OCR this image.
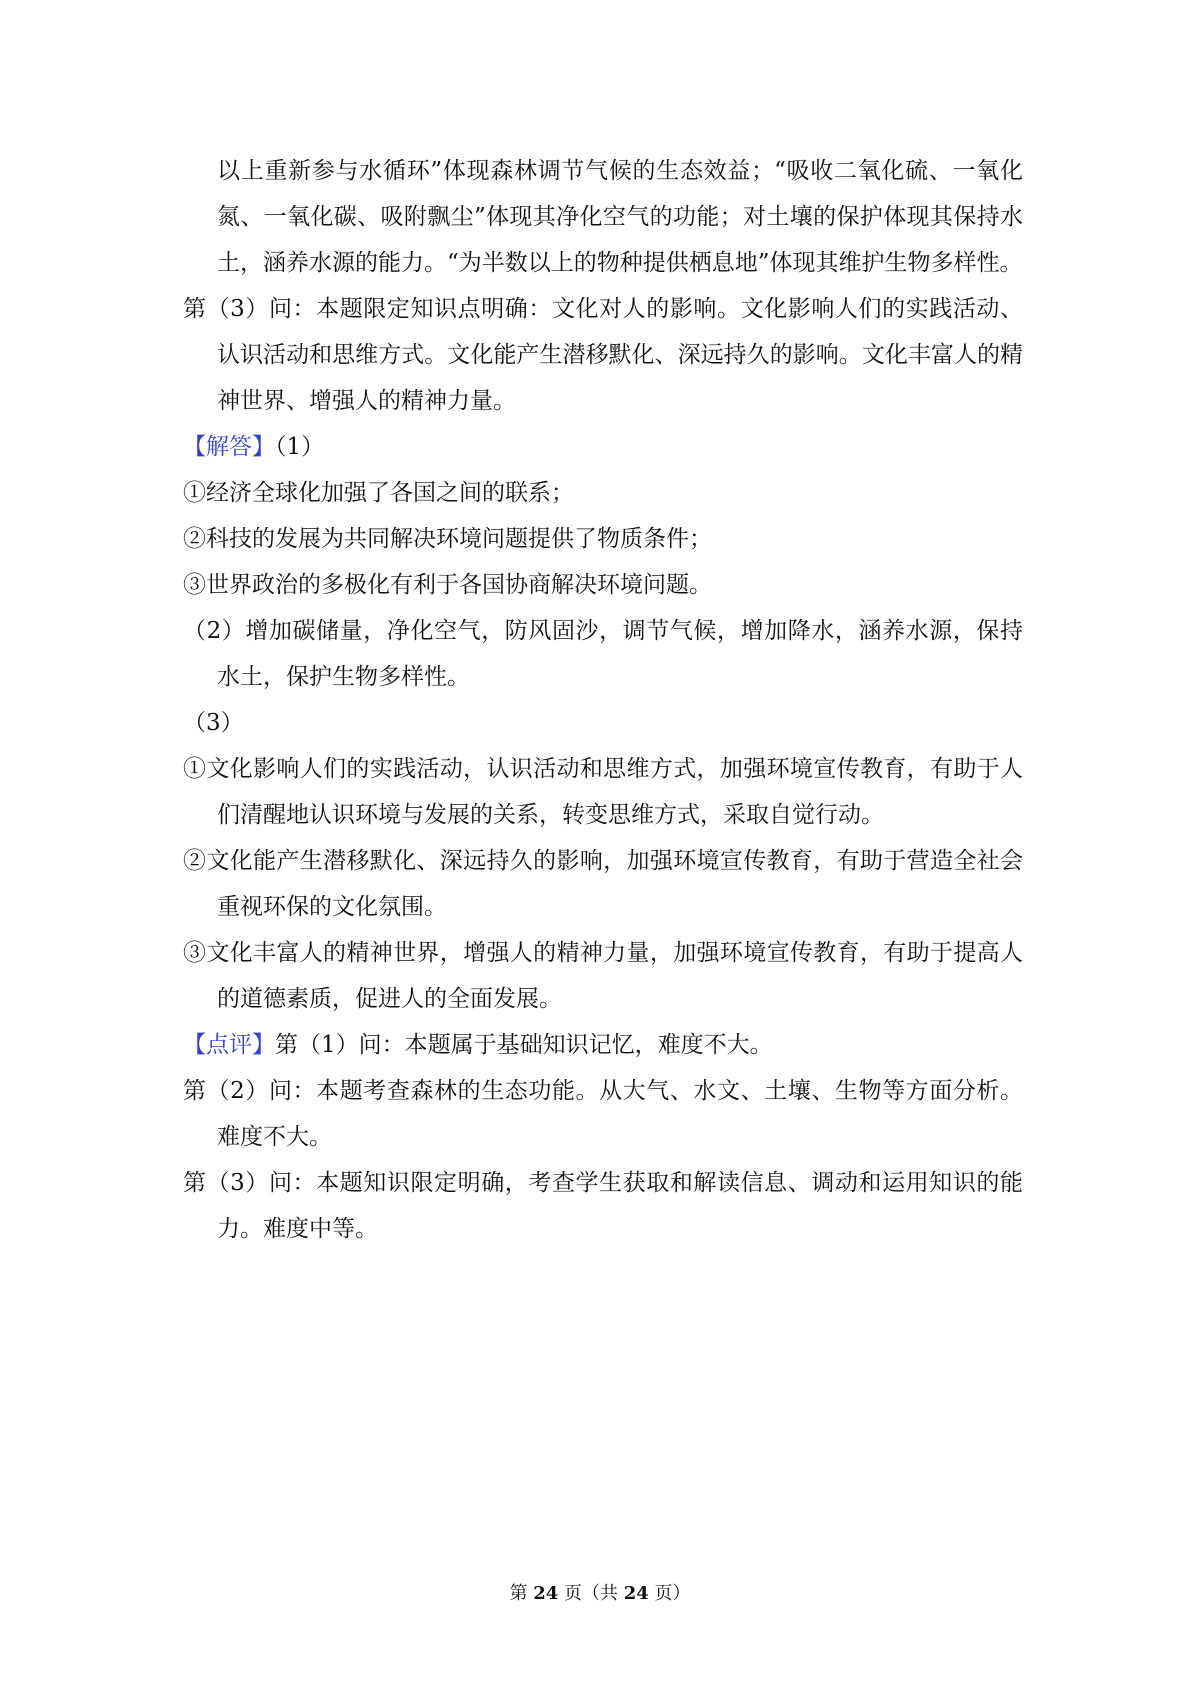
以上重新参与水循环”体现森林调节气候的生态效益；“吸收二氧化硫、一氧化氮、一氧化碳、吸附飘尘”体现其净化空气的功能；对土壤的保护体现其保持水土，涵养水源的能力。“为半数以上的物种提供栖息地”体现其维护生物多样性。

第（3）问：本题限定知识点明确：文化对人的影响。文化影响人们的实践活动、认识活动和思维方式。文化能产生潜移默化、深远持久的影响。文化丰富人的精神世界、增强人的精神力量。

【解答】（1）

①经济全球化加强了各国之间的联系；

②科技的发展为共同解决环境问题提供了物质条件；

③世界政治的多极化有利于各国协商解决环境问题。

（2）增加碳储量，净化空气，防风固沙，调节气候，增加降水，涵养水源，保持水土，保护生物多样性。

（3）

①文化影响人们的实践活动，认识活动和思维方式，加强环境宣传教育，有助于人们清醒地认识环境与发展的关系，转变思维方式，采取自觉行动。

②文化能产生潜移默化、深远持久的影响，加强环境宣传教育，有助于营造全社会重视环保的文化氛围。

③文化丰富人的精神世界，增强人的精神力量，加强环境宣传教育，有助于提高人的道德素质，促进人的全面发展。

【点评】第（1）问：本题属于基础知识记忆，难度不大。

第（2）问：本题考查森林的生态功能。从大气、水文、土壤、生物等方面分析。难度不大。

第（3）问：本题知识限定明确，考查学生获取和解读信息、调动和运用知识的能力。难度中等。

第 24 页（共 24 页）
